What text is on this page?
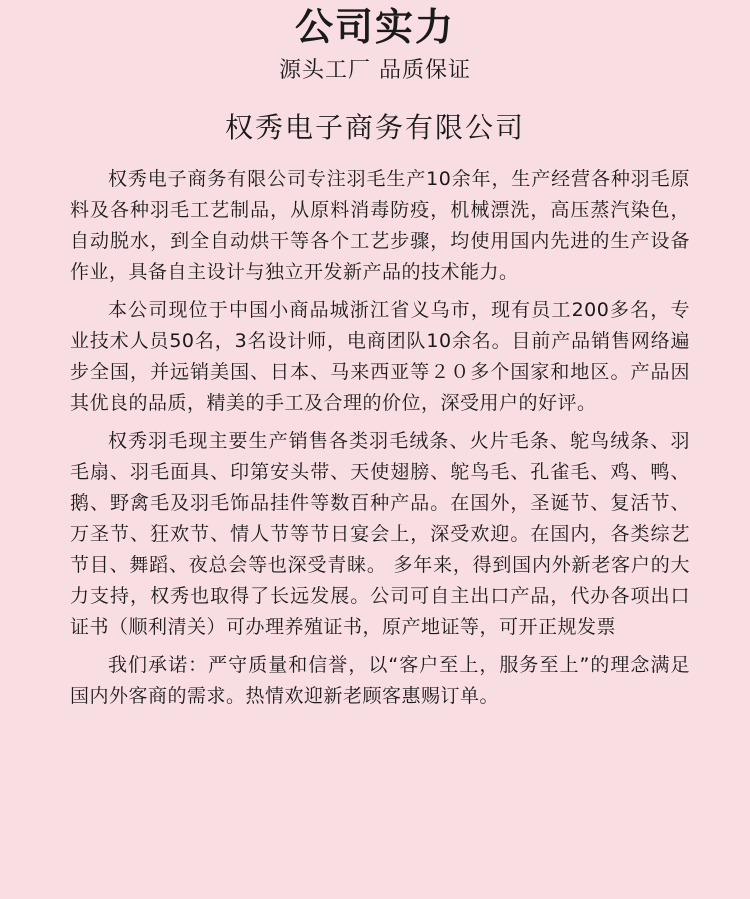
公司实力
源头工厂 品质保证
权秀电子商务有限公司

权秀电子商务有限公司专注羽毛生产10余年，生产经营各种羽毛原料及各种羽毛工艺制品，从原料消毒防疫，机械漂洗，高压蒸汽染色，自动脱水，到全自动烘干等各个工艺步骤，均使用国内先进的生产设备作业，具备自主设计与独立开发新产品的技术能力。

本公司现位于中国小商品城浙江省义乌市，现有员工200多名，专业技术人员50名，3名设计师，电商团队10余名。目前产品销售网络遍步全国，并远销美国、日本、马来西亚等２０多个国家和地区。产品因其优良的品质，精美的手工及合理的价位，深受用户的好评。

权秀羽毛现主要生产销售各类羽毛绒条、火片毛条、鸵鸟绒条、羽毛扇、羽毛面具、印第安头带、天使翅膀、鸵鸟毛、孔雀毛、鸡、鸭、鹅、野禽毛及羽毛饰品挂件等数百种产品。在国外，圣诞节、复活节、万圣节、狂欢节、情人节等节日宴会上，深受欢迎。在国内，各类综艺节目、舞蹈、夜总会等也深受青睐。 多年来，得到国内外新老客户的大力支持，权秀也取得了长远发展。公司可自主出口产品，代办各项出口证书（顺利清关）可办理养殖证书，原产地证等，可开正规发票

我们承诺：严守质量和信誉，以“客户至上，服务至上”的理念满足国内外客商的需求。热情欢迎新老顾客惠赐订单。
